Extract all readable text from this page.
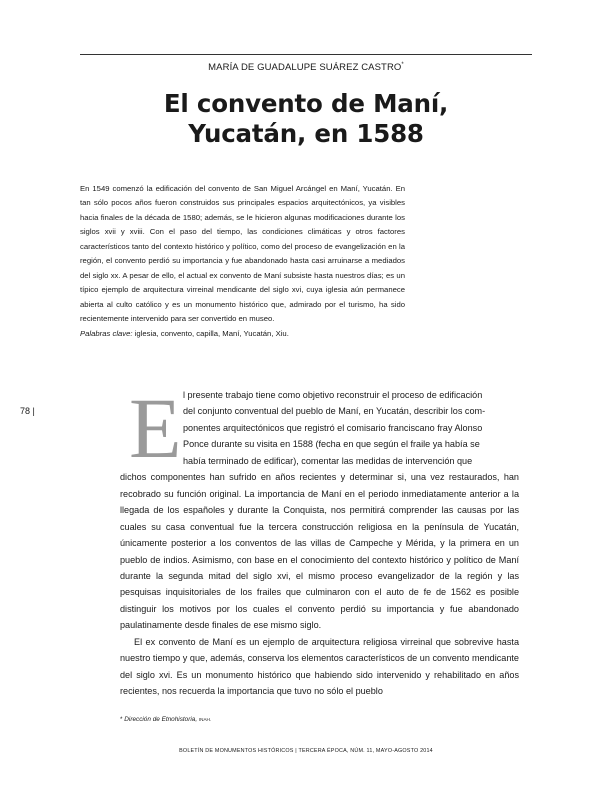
MARÍA DE GUADALUPE SUÁREZ CASTRO*
El convento de Maní,
Yucatán, en 1588

En 1549 comenzó la edificación del convento de San Miguel Arcángel en Maní, Yucatán. En tan sólo pocos años fueron construidos sus principales espacios arquitectónicos, ya visibles hacia finales de la década de 1580; además, se le hicieron algunas modificaciones durante los siglos xvii y xviii. Con el paso del tiempo, las condiciones climáticas y otros factores característicos tanto del contexto histórico y político, como del proceso de evangelización en la región, el convento perdió su importancia y fue abandonado hasta casi arruinarse a mediados del siglo xx. A pesar de ello, el actual ex convento de Maní subsiste hasta nuestros días; es un típico ejemplo de arquitectura virreinal mendicante del siglo xvi, cuya iglesia aún permanece abierta al culto católico y es un monumento histórico que, admirado por el turismo, ha sido recientemente intervenido para ser convertido en museo.

Palabras clave: iglesia, convento, capilla, Maní, Yucatán, Xiu.

78 | E l presente trabajo tiene como objetivo reconstruir el proceso de edificación
del conjunto conventual del pueblo de Maní, en Yucatán, describir los com-
ponentes arquitectónicos que registró el comisario franciscano fray Alonso
Ponce durante su visita en 1588 (fecha en que según el fraile ya había se
había terminado de edificar), comentar las medidas de intervención que

dichos componentes han sufrido en años recientes y determinar si, una vez restaurados, han recobrado su función original. La importancia de Maní en el periodo inmediatamente anterior a la llegada de los españoles y durante la Conquista, nos permitirá comprender las causas por las cuales su casa conventual fue la tercera construcción religiosa en la península de Yucatán, únicamente posterior a los conventos de las villas de Campeche y Mérida, y la primera en un pueblo de indios. Asimismo, con base en el conocimiento del contexto histórico y político de Maní durante la segunda mitad del siglo xvi, el mismo proceso evangelizador de la región y las pesquisas inquisitoriales de los frailes que culminaron con el auto de fe de 1562 es posible distinguir los motivos por los cuales el convento perdió su importancia y fue abandonado paulatinamente desde finales de ese mismo siglo.

El ex convento de Maní es un ejemplo de arquitectura religiosa virreinal que sobrevive hasta nuestro tiempo y que, además, conserva los elementos característicos de un convento mendicante del siglo xvi. Es un monumento histórico que habiendo sido intervenido y rehabilitado en años recientes, nos recuerda la importancia que tuvo no sólo el pueblo

* Dirección de Etnohistoria, INAH.
BOLETÍN DE MONUMENTOS HISTÓRICOS | TERCERA ÉPOCA, NÚM. 11, MAYO-AGOSTO 2014
